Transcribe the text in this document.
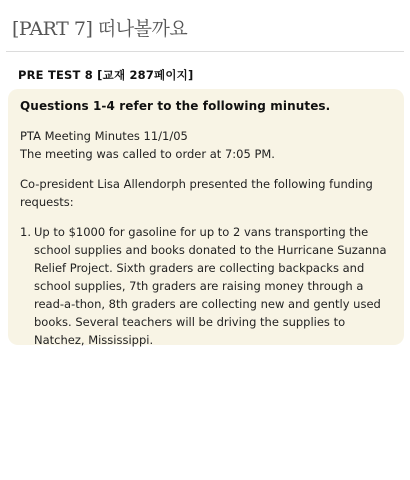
[PART 7] 떠나볼까요
PRE TEST 8 [교재 287페이지]
Questions 1-4 refer to the following minutes.
PTA Meeting Minutes 11/1/05
The meeting was called to order at 7:05 PM.
Co-president Lisa Allendorph presented the following funding requests:
1. Up to $1000 for gasoline for up to 2 vans transporting the school supplies and books donated to the Hurricane Suzanna Relief Project. Sixth graders are collecting backpacks and school supplies, 7th graders are raising money through a read-a-thon, 8th graders are collecting new and gently used books. Several teachers will be driving the supplies to Natchez, Mississippi.
